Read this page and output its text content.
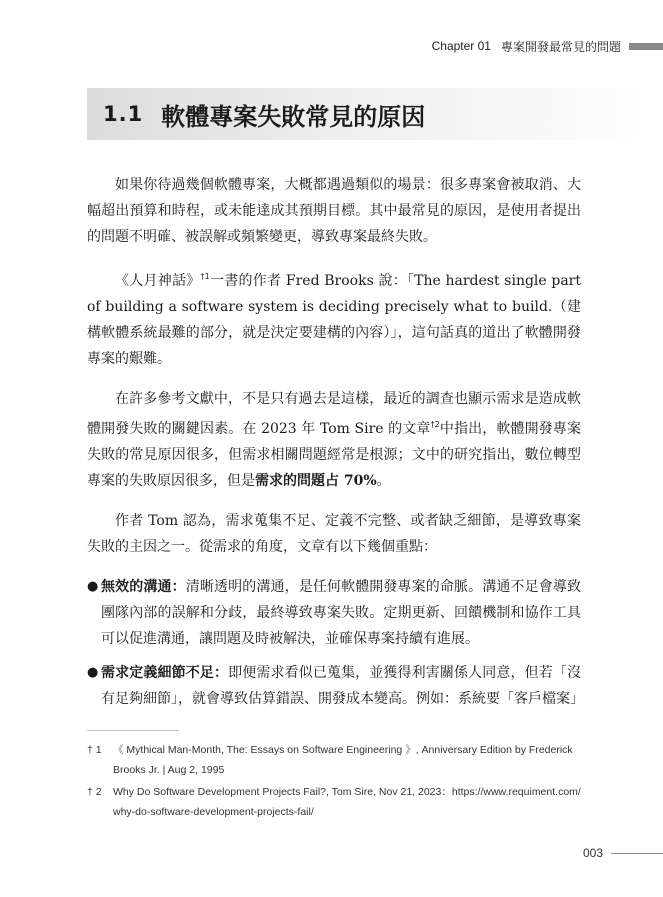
Chapter 01 專案開發最常見的問題
1.1 軟體專案失敗常見的原因

如果你待過幾個軟體專案，大概都遇過類似的場景：很多專案會被取消、大幅超出預算和時程，或未能達成其預期目標。其中最常見的原因，是使用者提出的問題不明確、被誤解或頻繁變更，導致專案最終失敗。

《人月神話》$^{\dagger 1}$一書的作者 Fred Brooks 說：「The hardest single part of building a software system is deciding precisely what to build.（建構軟體系統最難的部分，就是決定要建構的內容）」，這句話真的道出了軟體開發專案的艱難。

在許多參考文獻中，不是只有過去是這樣，最近的調查也顯示需求是造成軟體開發失敗的關鍵因素。在 2023 年 Tom Sire 的文章$^{\dagger 2}$中指出，軟體開發專案失敗的常見原因很多，但需求相關問題經常是根源；文中的研究指出，數位轉型專案的失敗原因很多，但是需求的問題占 70%。

作者 Tom 認為，需求蒐集不足、定義不完整、或者缺乏細節，是導致專案失敗的主因之一。從需求的角度，文章有以下幾個重點：

● 無效的溝通：清晰透明的溝通，是任何軟體開發專案的命脈。溝通不足會導致團隊內部的誤解和分歧，最終導致專案失敗。定期更新、回饋機制和協作工具可以促進溝通，讓問題及時被解決，並確保專案持續有進展。
● 需求定義細節不足：即便需求看似已蒐集，並獲得利害關係人同意，但若「沒有足夠細節」，就會導致估算錯誤、開發成本變高。例如：系統要「客戶檔案」
† 1	《 Mythical Man-Month, The: Essays on Software Engineering 》, Anniversary Edition by Frederick Brooks Jr. | Aug 2, 1995
† 2	Why Do Software Development Projects Fail?, Tom Sire, Nov 21, 2023：https://www.requiment.com/why-do-software-development-projects-fail/
003
